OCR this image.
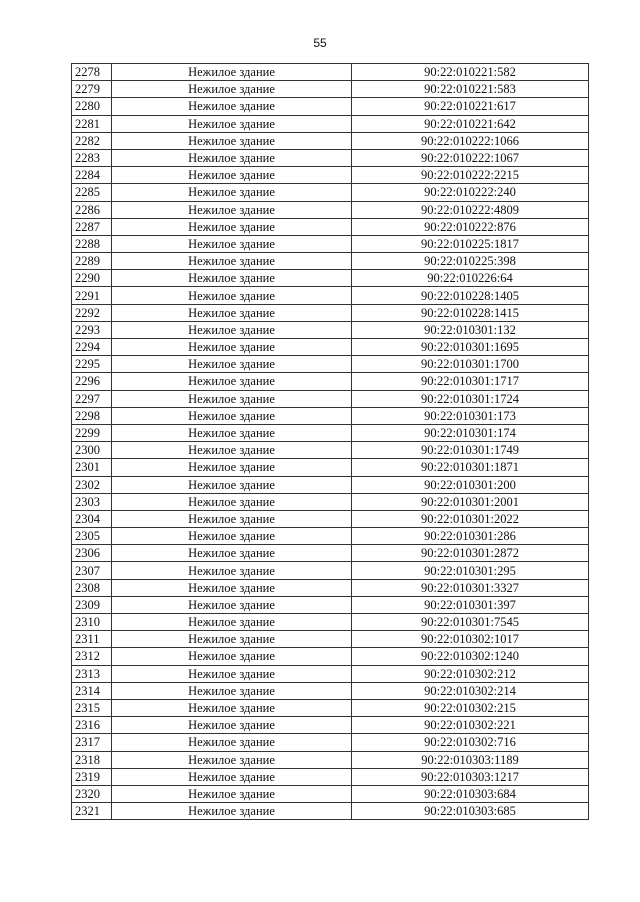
55
2278	Нежилое здание	90:22:010221:582
2279	Нежилое здание	90:22:010221:583
2280	Нежилое здание	90:22:010221:617
2281	Нежилое здание	90:22:010221:642
2282	Нежилое здание	90:22:010222:1066
2283	Нежилое здание	90:22:010222:1067
2284	Нежилое здание	90:22:010222:2215
2285	Нежилое здание	90:22:010222:240
2286	Нежилое здание	90:22:010222:4809
2287	Нежилое здание	90:22:010222:876
2288	Нежилое здание	90:22:010225:1817
2289	Нежилое здание	90:22:010225:398
2290	Нежилое здание	90:22:010226:64
2291	Нежилое здание	90:22:010228:1405
2292	Нежилое здание	90:22:010228:1415
2293	Нежилое здание	90:22:010301:132
2294	Нежилое здание	90:22:010301:1695
2295	Нежилое здание	90:22:010301:1700
2296	Нежилое здание	90:22:010301:1717
2297	Нежилое здание	90:22:010301:1724
2298	Нежилое здание	90:22:010301:173
2299	Нежилое здание	90:22:010301:174
2300	Нежилое здание	90:22:010301:1749
2301	Нежилое здание	90:22:010301:1871
2302	Нежилое здание	90:22:010301:200
2303	Нежилое здание	90:22:010301:2001
2304	Нежилое здание	90:22:010301:2022
2305	Нежилое здание	90:22:010301:286
2306	Нежилое здание	90:22:010301:2872
2307	Нежилое здание	90:22:010301:295
2308	Нежилое здание	90:22:010301:3327
2309	Нежилое здание	90:22:010301:397
2310	Нежилое здание	90:22:010301:7545
2311	Нежилое здание	90:22:010302:1017
2312	Нежилое здание	90:22:010302:1240
2313	Нежилое здание	90:22:010302:212
2314	Нежилое здание	90:22:010302:214
2315	Нежилое здание	90:22:010302:215
2316	Нежилое здание	90:22:010302:221
2317	Нежилое здание	90:22:010302:716
2318	Нежилое здание	90:22:010303:1189
2319	Нежилое здание	90:22:010303:1217
2320	Нежилое здание	90:22:010303:684
2321	Нежилое здание	90:22:010303:685
